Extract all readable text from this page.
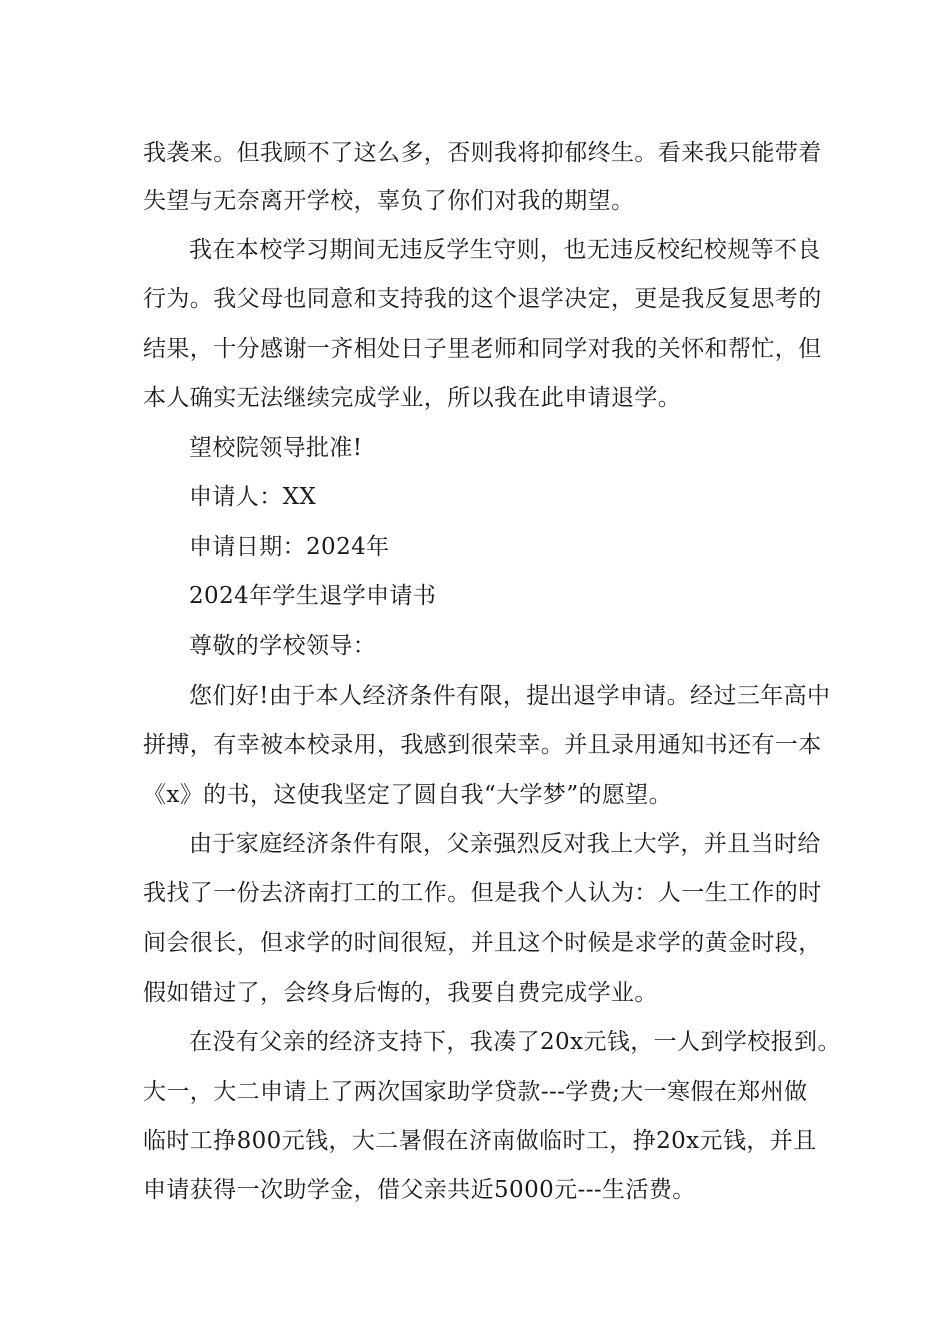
我袭来。但我顾不了这么多，否则我将抑郁终生。看来我只能带着
失望与无奈离开学校，辜负了你们对我的期望。
我在本校学习期间无违反学生守则，也无违反校纪校规等不良
行为。我父母也同意和支持我的这个退学决定，更是我反复思考的
结果，十分感谢一齐相处日子里老师和同学对我的关怀和帮忙，但
本人确实无法继续完成学业，所以我在此申请退学。
望校院领导批准!
申请人：XX
申请日期：2024年
2024年学生退学申请书
尊敬的学校领导：
您们好!由于本人经济条件有限，提出退学申请。经过三年高中
拼搏，有幸被本校录用，我感到很荣幸。并且录用通知书还有一本
《x》的书，这使我坚定了圆自我“大学梦”的愿望。
由于家庭经济条件有限，父亲强烈反对我上大学，并且当时给
我找了一份去济南打工的工作。但是我个人认为：人一生工作的时
间会很长，但求学的时间很短，并且这个时候是求学的黄金时段，
假如错过了，会终身后悔的，我要自费完成学业。
在没有父亲的经济支持下，我凑了20x元钱，一人到学校报到。
大一，大二申请上了两次国家助学贷款---学费;大一寒假在郑州做
临时工挣800元钱，大二暑假在济南做临时工，挣20x元钱，并且
申请获得一次助学金，借父亲共近5000元---生活费。
